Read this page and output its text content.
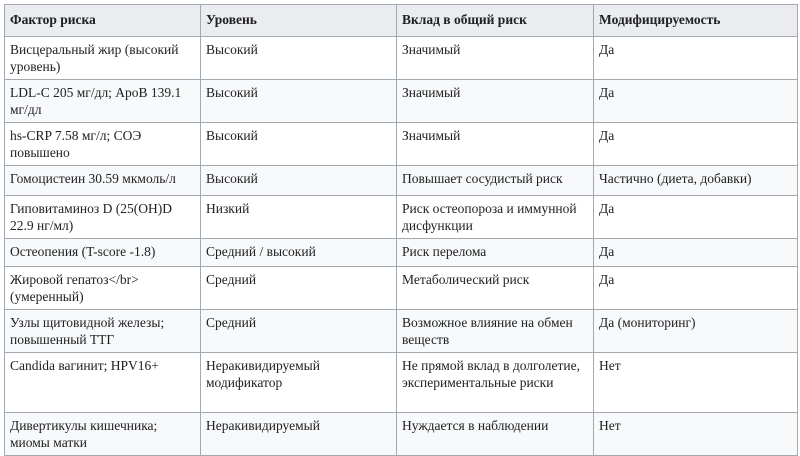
Фактор риска	Уровень	Вклад в общий риск	Модифицируемость
Висцеральный жир (высокий уровень)	Высокий	Значимый	Да
LDL-C 205 мг/дл; ApoB 139.1 мг/дл	Высокий	Значимый	Да
hs-CRP 7.58 мг/л; СОЭ повышено	Высокий	Значимый	Да
Гомоцистеин 30.59 мкмоль/л	Высокий	Повышает сосудистый риск	Частично (диета, добавки)
Гиповитаминоз D (25(OH)D 22.9 нг/мл)	Низкий	Риск остеопороза и иммунной дисфункции	Да
Остеопения (T-score -1.8)	Средний / высокий	Риск перелома	Да
Жировой гепатоз</br>(умеренный)	Средний	Метаболический риск	Да
Узлы щитовидной железы; повышенный ТТГ	Средний	Возможное влияние на обмен веществ	Да (мониторинг)
Candida вагинит; HPV16+	Неракивидируемый модификатор	Не прямой вклад в долголетие, экспериментальные риски	Нет
Дивертикулы кишечника; миомы матки	Неракивидируемый	Нуждается в наблюдении	Нет
